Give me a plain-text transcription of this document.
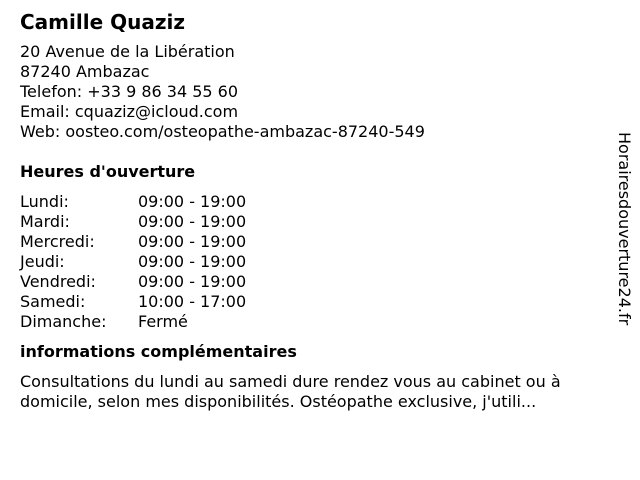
Camille Quaziz
20 Avenue de la Libération
87240 Ambazac
Telefon: +33 9 86 34 55 60
Email: cquaziz@icloud.com
Web: oosteo.com/osteopathe-ambazac-87240-549
Heures d'ouverture
Lundi:	09:00 - 19:00
Mardi:	09:00 - 19:00
Mercredi:	09:00 - 19:00
Jeudi:	09:00 - 19:00
Vendredi:	09:00 - 19:00
Samedi:	10:00 - 17:00
Dimanche:	Fermé
informations complémentaires

Consultations du lundi au samedi dure rendez vous au cabinet ou à domicile, selon mes disponibilités. Ostéopathe exclusive, j'utili...

Horairesdouverture24.fr
